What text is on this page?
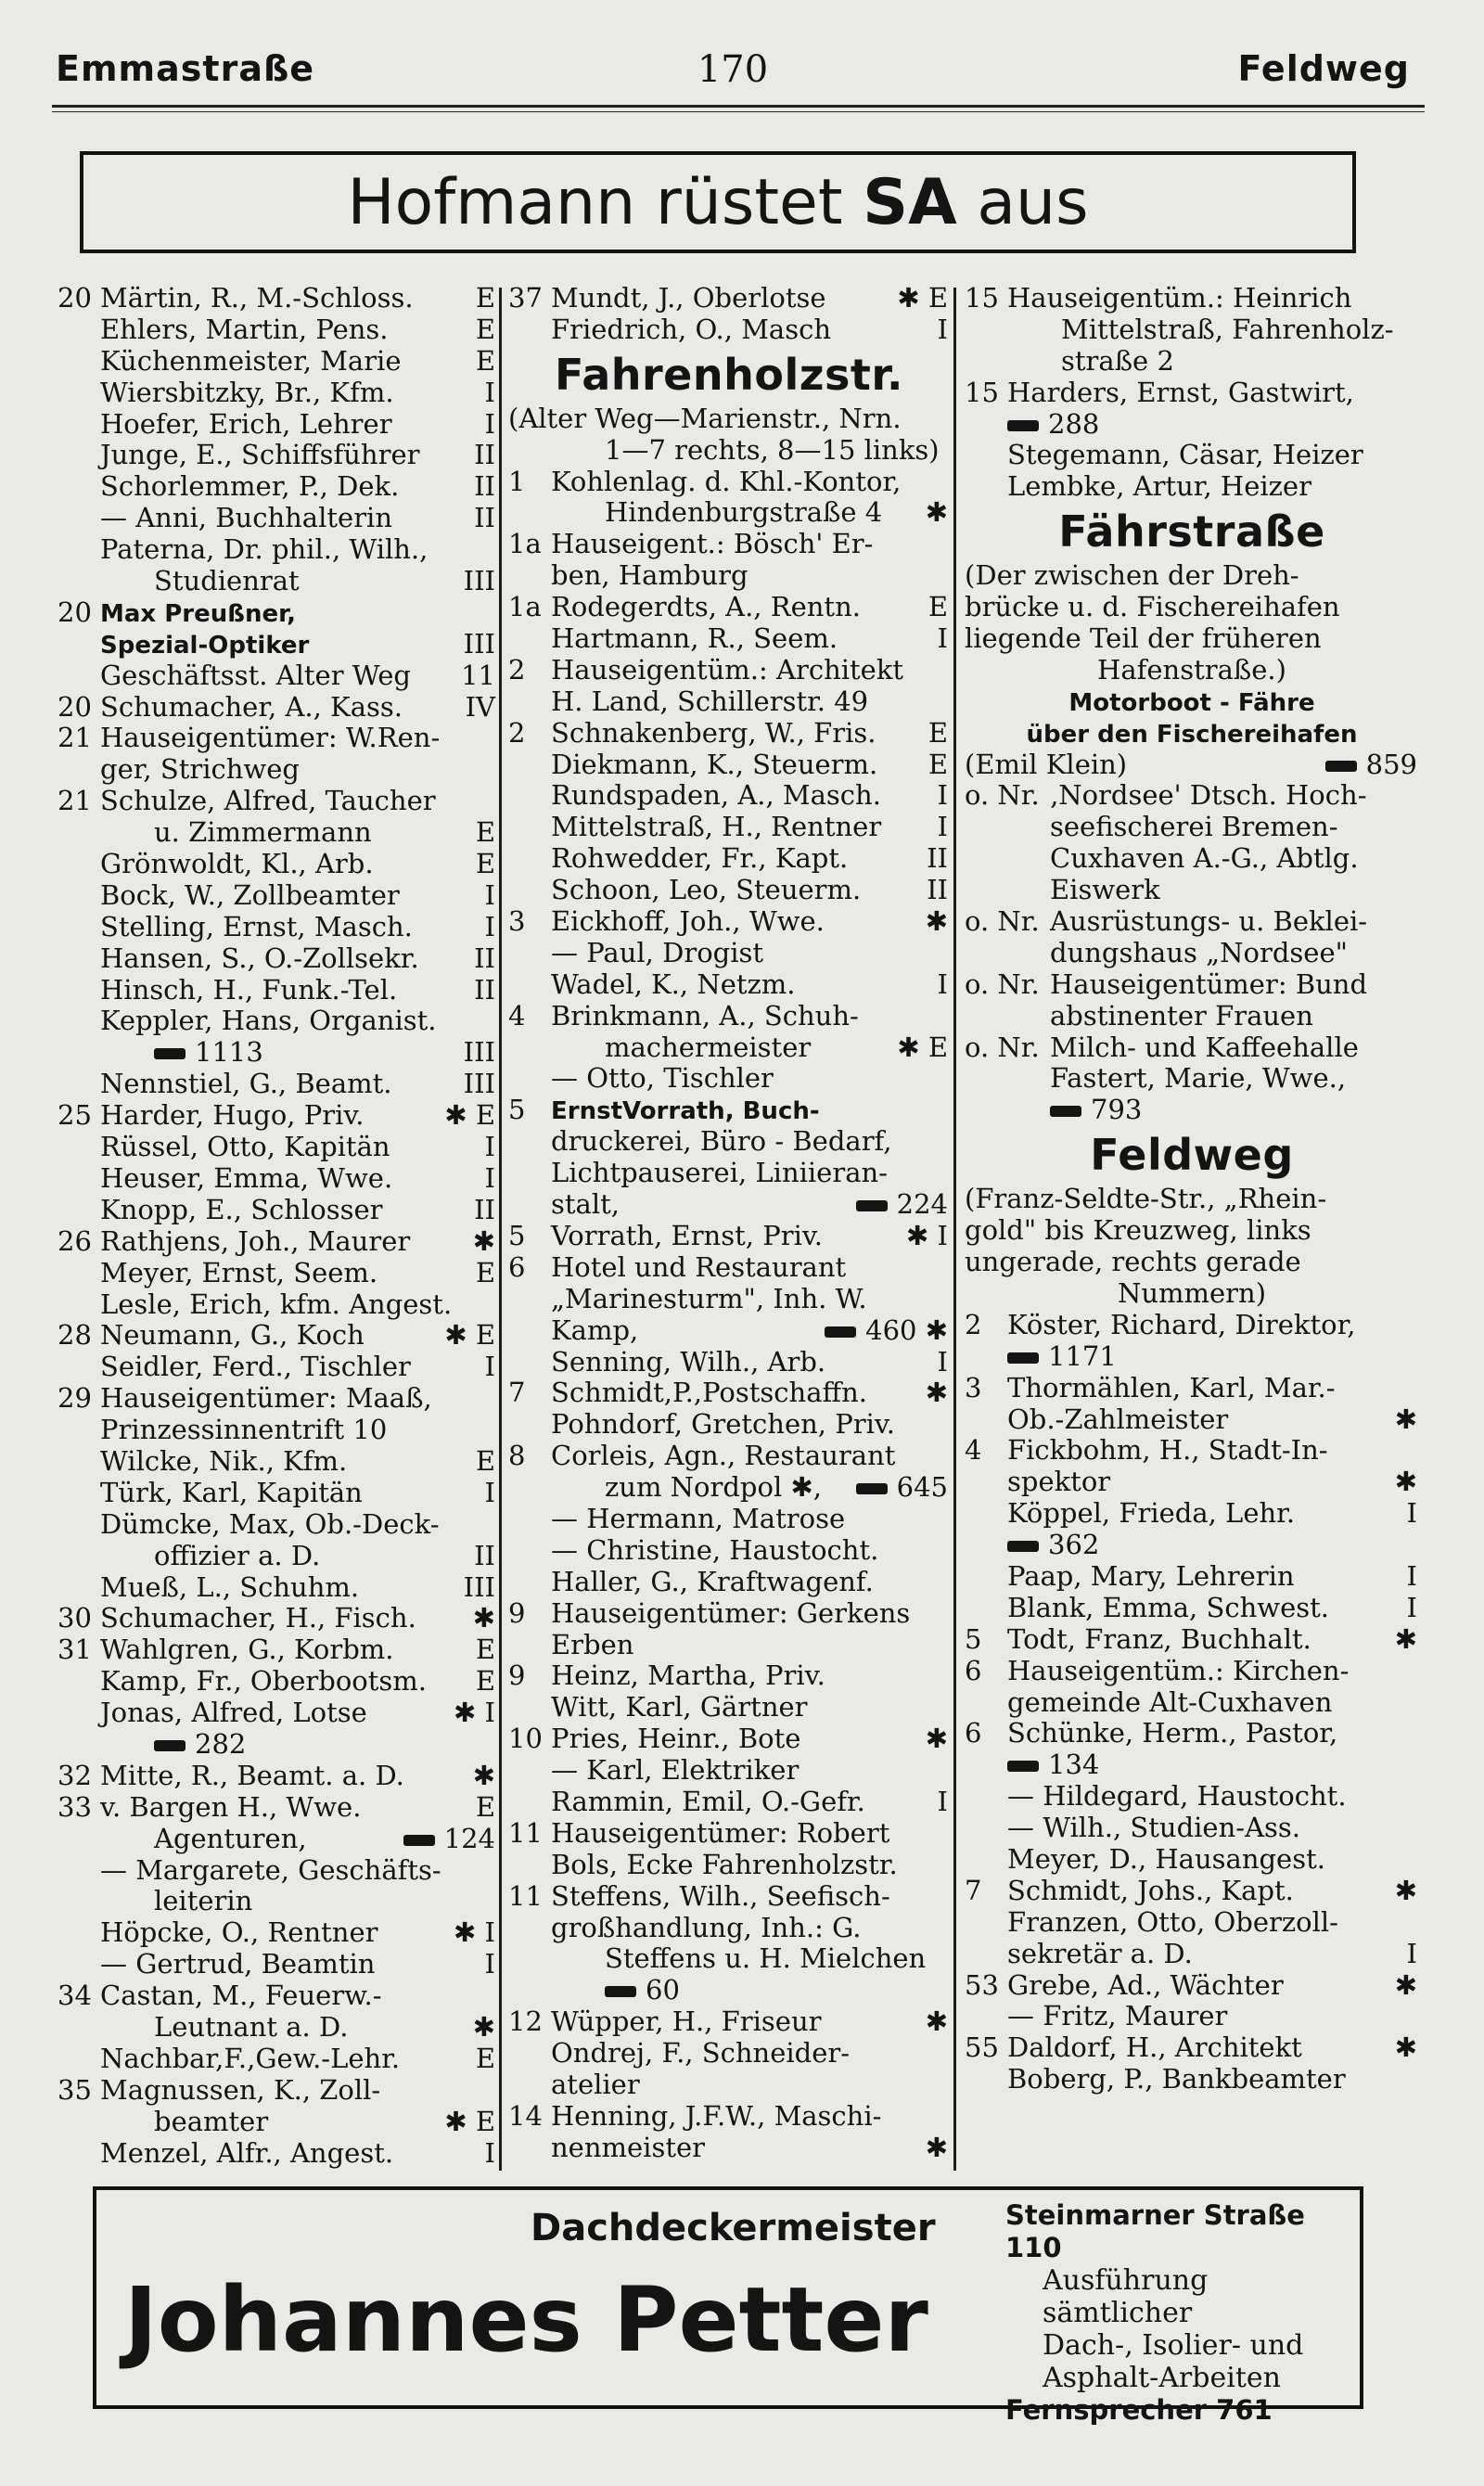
Emmastraße	170	Feldweg
Hofmann rüstet SA aus
20 Märtin, R., M.-Schloss. E
Ehlers, Martin, Pens.	E
Küchenmeister, Marie	E
Wiersbitzky, Br., Kfm.	I
Hoefer, Erich, Lehrer	I
Junge, E., Schiffsführer II
Schorlemmer, P., Dek.	II
— Anni, Buchhalterin	II
Paterna, Dr. phil., Wilh.,
Studienrat	III
20 Max Preußner,
Spezial-Optiker	III
Geschäftsst. Alter Weg 11
20 Schumacher, A., Kass. IV
21 Hauseigentümer: W.Ren-
ger, Strichweg
21 Schulze, Alfred, Taucher
u. Zimmermann	E
Grönwoldt, Kl., Arb.	E
Bock, W., Zollbeamter	I
Stelling, Ernst, Masch.	I
Hansen, S., O.-Zollsekr. II
Hinsch, H., Funk.-Tel.	II
Keppler, Hans, Organist.
1113	III
Nennstiel, G., Beamt.	III
25 Harder, Hugo, Priv.	✱ E
Rüssel, Otto, Kapitän	I
Heuser, Emma, Wwe.	I
Knopp, E., Schlosser	II
26 Rathjens, Joh., Maurer ✱
Meyer, Ernst, Seem.	E
Lesle, Erich, kfm. Angest.
28 Neumann, G., Koch	✱ E
Seidler, Ferd., Tischler	I
29 Hauseigentümer: Maaß,
Prinzessinnentrift 10
Wilcke, Nik., Kfm.	E
Türk, Karl, Kapitän	I
Dümcke, Max, Ob.-Deck-
offizier a. D.	II
Mueß, L., Schuhm.	III
30 Schumacher, H., Fisch. ✱
31 Wahlgren, G., Korbm.	E
Kamp, Fr., Oberbootsm. E
Jonas, Alfred, Lotse	✱ I
282
32 Mitte, R., Beamt. a. D.	✱
33 v. Bargen H., Wwe.	E
Agenturen,	124
— Margarete, Geschäfts-
leiterin
Höpcke, O., Rentner	✱ I
— Gertrud, Beamtin	I
34 Castan, M., Feuerw.-
Leutnant a. D.	✱
Nachbar,F.,Gew.-Lehr.	E
35 Magnussen, K., Zoll-
beamter	✱ E
Menzel, Alfr., Angest.	I
37 Mundt, J., Oberlotse	✱ E
Friedrich, O., Masch	I
Fahrenholzstr.
(Alter Weg—Marienstr., Nrn.
1—7 rechts, 8—15 links)
1 Kohlenlag. d. Khl.-Kontor,
Hindenburgstraße 4 ✱
1a Hauseigent.: Bösch' Er-
ben, Hamburg
1a Rodegerdts, A., Rentn.	E
Hartmann, R., Seem.	I
2 Hauseigentüm.: Architekt
H. Land, Schillerstr. 49
2 Schnakenberg, W., Fris. E
Diekmann, K., Steuerm. E
Rundspaden, A., Masch. I
Mittelstraß, H., Rentner I
Rohwedder, Fr., Kapt.	II
Schoon, Leo, Steuerm. II
3 Eickhoff, Joh., Wwe.	✱
— Paul, Drogist
Wadel, K., Netzm.	I
4 Brinkmann, A., Schuh-
machermeister	✱ E
— Otto, Tischler
5 ErnstVorrath, Buch-
druckerei, Büro - Bedarf,
Lichtpauserei, Liniieran-
stalt,	224
5 Vorrath, Ernst, Priv.	✱ I
6 Hotel und Restaurant
„Marinesturm", Inh. W.
Kamp,	460 ✱
Senning, Wilh., Arb.	I
7 Schmidt,P.,Postschaffn. ✱
Pohndorf, Gretchen, Priv.
8 Corleis, Agn., Restaurant
zum Nordpol ✱,	645
— Hermann, Matrose
— Christine, Haustocht.
Haller, G., Kraftwagenf.
9 Hauseigentümer: Gerkens
Erben
9 Heinz, Martha, Priv.
Witt, Karl, Gärtner
10 Pries, Heinr., Bote	✱
— Karl, Elektriker
Rammin, Emil, O.-Gefr.	I
11 Hauseigentümer: Robert
Bols, Ecke Fahrenholzstr.
11 Steffens, Wilh., Seefisch-
großhandlung, Inh.: G.
Steffens u. H. Mielchen
60
12 Wüpper, H., Friseur	✱
Ondrej, F., Schneider-
atelier
14 Henning, J.F.W., Maschi-
nenmeister	✱
15 Hauseigentüm.: Heinrich
Mittelstraß, Fahrenholz-
straße 2
15 Harders, Ernst, Gastwirt,
288
Stegemann, Cäsar, Heizer
Lembke, Artur, Heizer
Fährstraße
(Der zwischen der Dreh-
brücke u. d. Fischereihafen
liegende Teil der früheren
Hafenstraße.)
Motorboot - Fähre
über den Fischereihafen
(Emil Klein)	859
o. Nr. ‚Nordsee' Dtsch. Hoch-
seefischerei Bremen-
Cuxhaven A.-G., Abtlg.
Eiswerk
o. Nr. Ausrüstungs- u. Beklei-
dungshaus „Nordsee"
o. Nr. Hauseigentümer: Bund
abstinenter Frauen
o. Nr. Milch- und Kaffeehalle
Fastert, Marie, Wwe.,
793
Feldweg
(Franz-Seldte-Str., „Rhein-
gold" bis Kreuzweg, links
ungerade, rechts gerade
Nummern)
2 Köster, Richard, Direktor,
1171
3 Thormählen, Karl, Mar.-
Ob.-Zahlmeister	✱
4 Fickbohm, H., Stadt-In-
spektor	✱
Köppel, Frieda, Lehr.	I
362
Paap, Mary, Lehrerin	I
Blank, Emma, Schwest.	I
5 Todt, Franz, Buchhalt.	✱
6 Hauseigentüm.: Kirchen-
gemeinde Alt-Cuxhaven
6 Schünke, Herm., Pastor,
134
— Hildegard, Haustocht.
— Wilh., Studien-Ass.
Meyer, D., Hausangest.
7 Schmidt, Johs., Kapt.	✱
Franzen, Otto, Oberzoll-
sekretär a. D.	I
53 Grebe, Ad., Wächter	✱
— Fritz, Maurer
55 Daldorf, H., Architekt	✱
Boberg, P., Bankbeamter
Dachdeckermeister
Johannes Petter
Steinmarner Straße 110
Ausführung sämtlicher
Dach-, Isolier- und
Asphalt-Arbeiten
Fernsprecher 761
